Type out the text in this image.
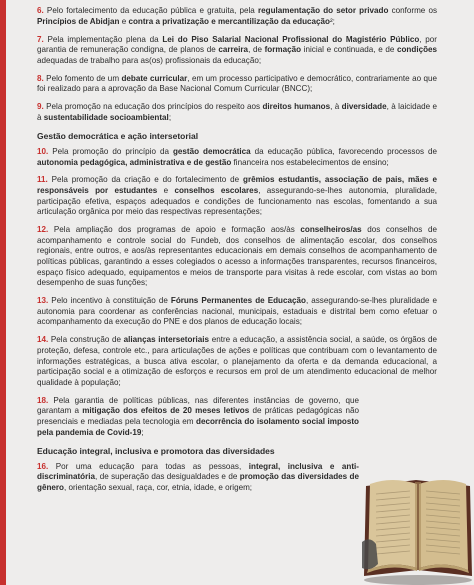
6. Pelo fortalecimento da educação pública e gratuita, pela regulamentação do setor privado conforme os Princípios de Abidjan e contra a privatização e mercantilização da educação²;

7. Pela implementação plena da Lei do Piso Salarial Nacional Profissional do Magistério Público, por garantia de remuneração condigna, de planos de carreira, de formação inicial e continuada, e de condições adequadas de trabalho para as(os) profissionais da educação;

8. Pelo fomento de um debate curricular, em um processo participativo e democrático, contrariamente ao que foi realizado para a aprovação da Base Nacional Comum Curricular (BNCC);

9. Pela promoção na educação dos princípios do respeito aos direitos humanos, à diversidade, à laicidade e à sustentabilidade socioambiental;

Gestão democrática e ação intersetorial

10. Pela promoção do princípio da gestão democrática da educação pública, favorecendo processos de autonomia pedagógica, administrativa e de gestão financeira nos estabelecimentos de ensino;

11. Pela promoção da criação e do fortalecimento de grêmios estudantis, associação de pais, mães e responsáveis por estudantes e conselhos escolares, assegurando-se-lhes autonomia, pluralidade, participação efetiva, espaços adequados e condições de funcionamento nas escolas, fomentando a sua articulação orgânica por meio das respectivas representações;

12. Pela ampliação dos programas de apoio e formação aos/às conselheiros/as dos conselhos de acompanhamento e controle social do Fundeb, dos conselhos de alimentação escolar, dos conselhos regionais, entre outros, e aos/às representantes educacionais em demais conselhos de acompanhamento de políticas públicas, garantindo a esses colegiados o acesso a informações transparentes, recursos financeiros, espaço físico adequado, equipamentos e meios de transporte para visitas à rede escolar, com vistas ao bom desempenho de suas funções;

13. Pelo incentivo à constituição de Fóruns Permanentes de Educação, assegurando-se-lhes pluralidade e autonomia para coordenar as conferências nacional, municipais, estaduais e distrital bem como efetuar o acompanhamento da execução do PNE e dos planos de educação locais;

14. Pela construção de alianças intersetoriais entre a educação, a assistência social, a saúde, os órgãos de proteção, defesa, controle etc., para articulações de ações e políticas que contribuam com o levantamento de informações estratégicas, a busca ativa escolar, o planejamento da oferta e da demanda educacional, a participação social e a otimização de esforços e recursos em prol de um atendimento educacional de melhor qualidade à população;

18. Pela garantia de políticas públicas, nas diferentes instâncias de governo, que garantam a mitigação dos efeitos de 20 meses letivos de práticas pedagógicas não presenciais e mediadas pela tecnologia em decorrência do isolamento social imposto pela pandemia de Covid-19;

Educação integral, inclusiva e promotora das diversidades

16. Por uma educação para todas as pessoas, integral, inclusiva e anti-discriminatória, de superação das desigualdades e de promoção das diversidades de gênero, orientação sexual, raça, cor, etnia, idade, e origem;
